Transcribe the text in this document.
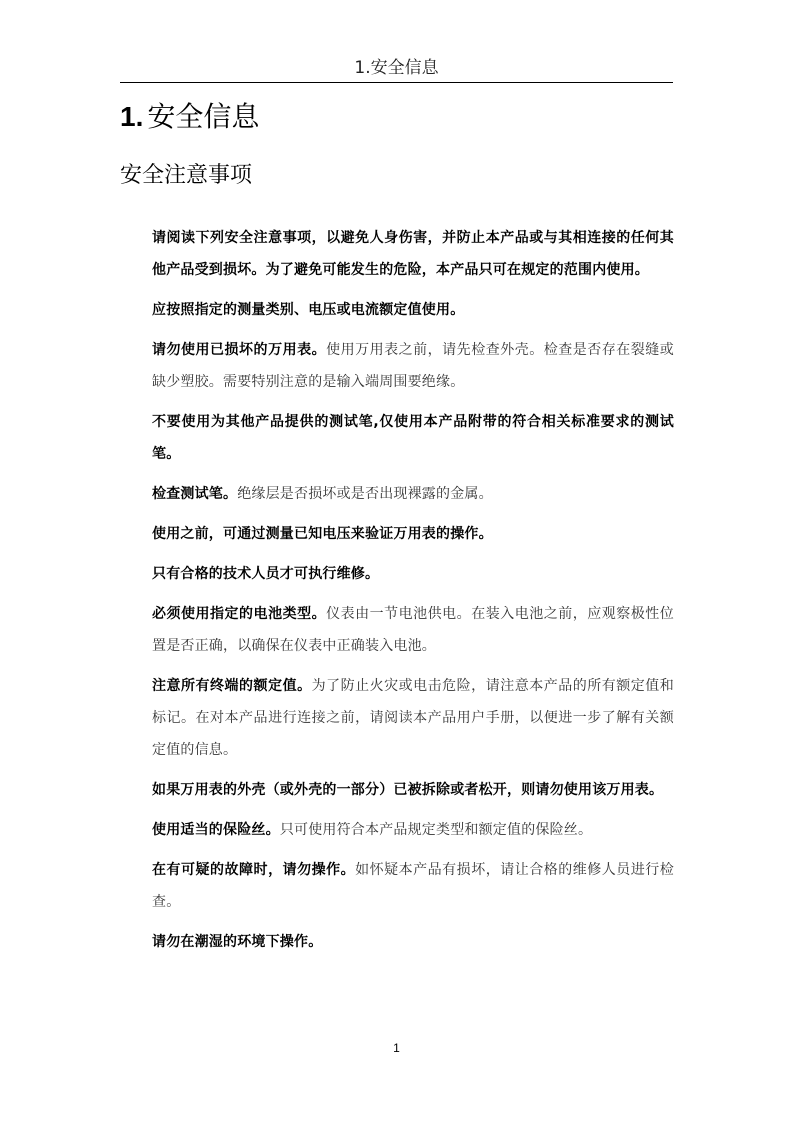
1.安全信息
1. 安全信息
安全注意事项

请阅读下列安全注意事项，以避免人身伤害，并防止本产品或与其相连接的任何其他产品受到损坏。为了避免可能发生的危险，本产品只可在规定的范围内使用。

应按照指定的测量类别、电压或电流额定值使用。

请勿使用已损坏的万用表。使用万用表之前，请先检查外壳。检查是否存在裂缝或缺少塑胶。需要特别注意的是输入端周围要绝缘。

不要使用为其他产品提供的测试笔,仅使用本产品附带的符合相关标准要求的测试笔。

检查测试笔。绝缘层是否损坏或是否出现裸露的金属。

使用之前，可通过测量已知电压来验证万用表的操作。

只有合格的技术人员才可执行维修。

必须使用指定的电池类型。仪表由一节电池供电。在装入电池之前，应观察极性位置是否正确，以确保在仪表中正确装入电池。

注意所有终端的额定值。为了防止火灾或电击危险，请注意本产品的所有额定值和标记。在对本产品进行连接之前，请阅读本产品用户手册，以便进一步了解有关额定值的信息。

如果万用表的外壳（或外壳的一部分）已被拆除或者松开，则请勿使用该万用表。

使用适当的保险丝。只可使用符合本产品规定类型和额定值的保险丝。

在有可疑的故障时，请勿操作。如怀疑本产品有损坏，请让合格的维修人员进行检查。

请勿在潮湿的环境下操作。

1
